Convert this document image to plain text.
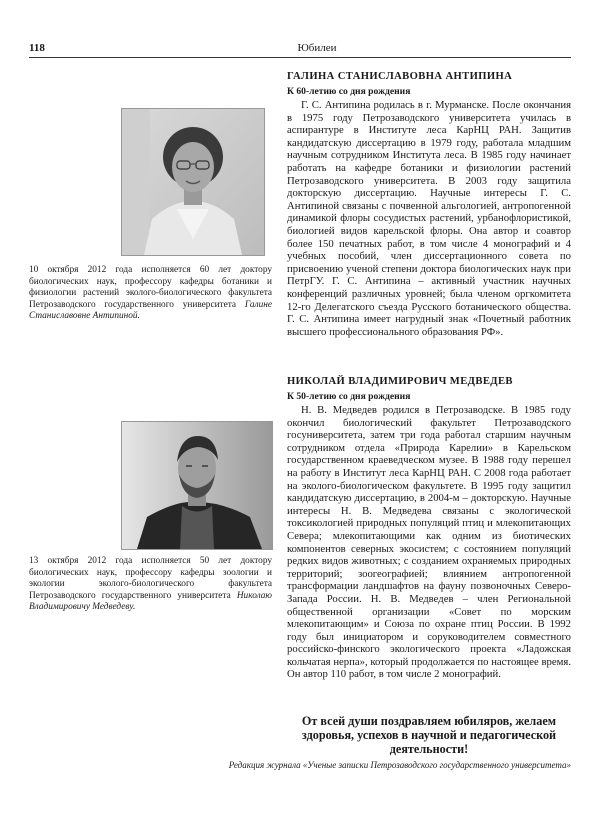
118	Юбилеи
10 октября 2012 года исполняется 60 лет доктору биологических наук, профессору кафедры ботаники и физиологии растений эколого-биологического факультета Петрозаводского государственного университета Галине Станиславовне Антипиной.
ГАЛИНА СТАНИСЛАВОВНА АНТИПИНА
К 60-летию со дня рождения
Г. С. Антипина родилась в г. Мурманске. После окончания в 1975 году Петрозаводского университета училась в аспирантуре в Институте леса КарНЦ РАН. Защитив кандидатскую диссертацию в 1979 году, работала младшим научным сотрудником Института леса. В 1985 году начинает работать на кафедре ботаники и физиологии растений Петрозаводского университета. В 2003 году защитила докторскую диссертацию. Научные интересы Г. С. Антипиной связаны с почвенной альгологией, антропогенной динамикой флоры сосудистых растений, урбанофлористикой, биологией видов карельской флоры. Она автор и соавтор более 150 печатных работ, в том числе 4 монографий и 4 учебных пособий, член диссертационного совета по присвоению ученой степени доктора биологических наук при ПетрГУ. Г. С. Антипина – активный участник научных конференций различных уровней; была членом оргкомитета 12-го Делегатского съезда Русского ботанического общества. Г. С. Антипина имеет нагрудный знак «Почетный работник высшего профессионального образования РФ».
13 октября 2012 года исполняется 50 лет доктору биологических наук, профессору кафедры зоологии и экологии эколого-биологического факультета Петрозаводского государственного университета Николаю Владимировичу Медведеву.
НИКОЛАЙ ВЛАДИМИРОВИЧ МЕДВЕДЕВ
К 50-летию со дня рождения
Н. В. Медведев родился в Петрозаводске. В 1985 году окончил биологический факультет Петрозаводского госуниверситета, затем три года работал старшим научным сотрудником отдела «Природа Карелии» в Карельском государственном краеведческом музее. В 1988 году перешел на работу в Институт леса КарНЦ РАН. С 2008 года работает на эколого-биологическом факультете. В 1995 году защитил кандидатскую диссертацию, в 2004-м – докторскую. Научные интересы Н. В. Медведева связаны с экологической токсикологией природных популяций птиц и млекопитающих Севера; млекопитающими как одним из биотических компонентов северных экосистем; с состоянием популяций редких видов животных; с созданием охраняемых природных территорий; зоогеографией; влиянием антропогенной трансформации ландшафтов на фауну позвоночных Северо-Запада России. Н. В. Медведев – член Региональной общественной организации «Совет по морским млекопитающим» и Союза по охране птиц России. В 1992 году был инициатором и соруководителем совместного российско-финского экологического проекта «Ладожская кольчатая нерпа», который продолжается по настоящее время. Он автор 110 работ, в том числе 2 монографий.
От всей души поздравляем юбиляров, желаем здоровья, успехов в научной и педагогической деятельности!
Редакция журнала «Ученые записки Петрозаводского государственного университета»
